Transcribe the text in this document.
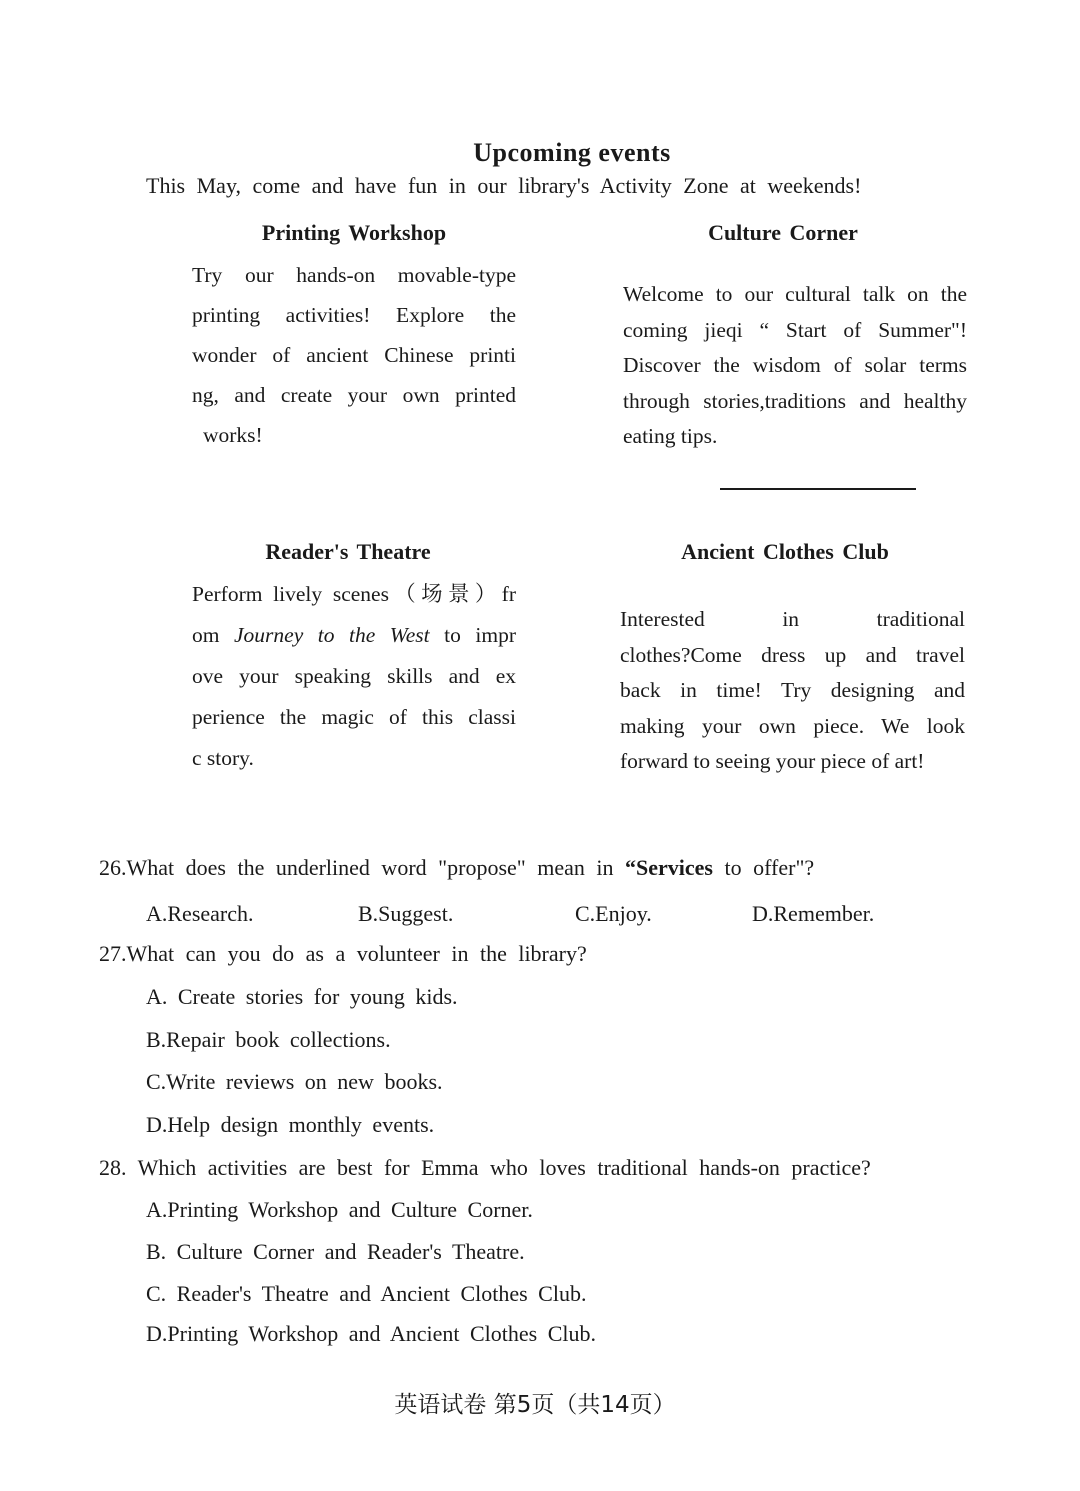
Upcoming events
This May, come and have fun in our library's Activity Zone at weekends!
Printing Workshop
Try our hands-on movable-type
printing activities! Explore the
wonder of ancient Chinese printi
ng, and create your own printed
works!
Culture Corner
Welcome to our cultural talk on the
coming jieqi “ Start of Summer"!
Discover the wisdom of solar terms
through stories,traditions and healthy
eating tips.
Reader's Theatre
Perform lively scenes（场景）fr
om Journey to the West to impr
ove your speaking skills and ex
perience the magic of this classi
c story.
Ancient Clothes Club
Interested in traditional
clothes?Come dress up and travel
back in time! Try designing and
making your own piece. We look
forward to seeing your piece of art!
26.What does the underlined word "propose" mean in “Services to offer"?
A.Research.	B.Suggest.	C.Enjoy.	D.Remember.
27.What can you do as a volunteer in the library?
A. Create stories for young kids.
B.Repair book collections.
C.Write reviews on new books.
D.Help design monthly events.
28. Which activities are best for Emma who loves traditional hands-on practice?
A.Printing Workshop and Culture Corner.
B. Culture Corner and Reader's Theatre.
C. Reader's Theatre and Ancient Clothes Club.
D.Printing Workshop and Ancient Clothes Club.
英语试卷 第5页（共14页）
